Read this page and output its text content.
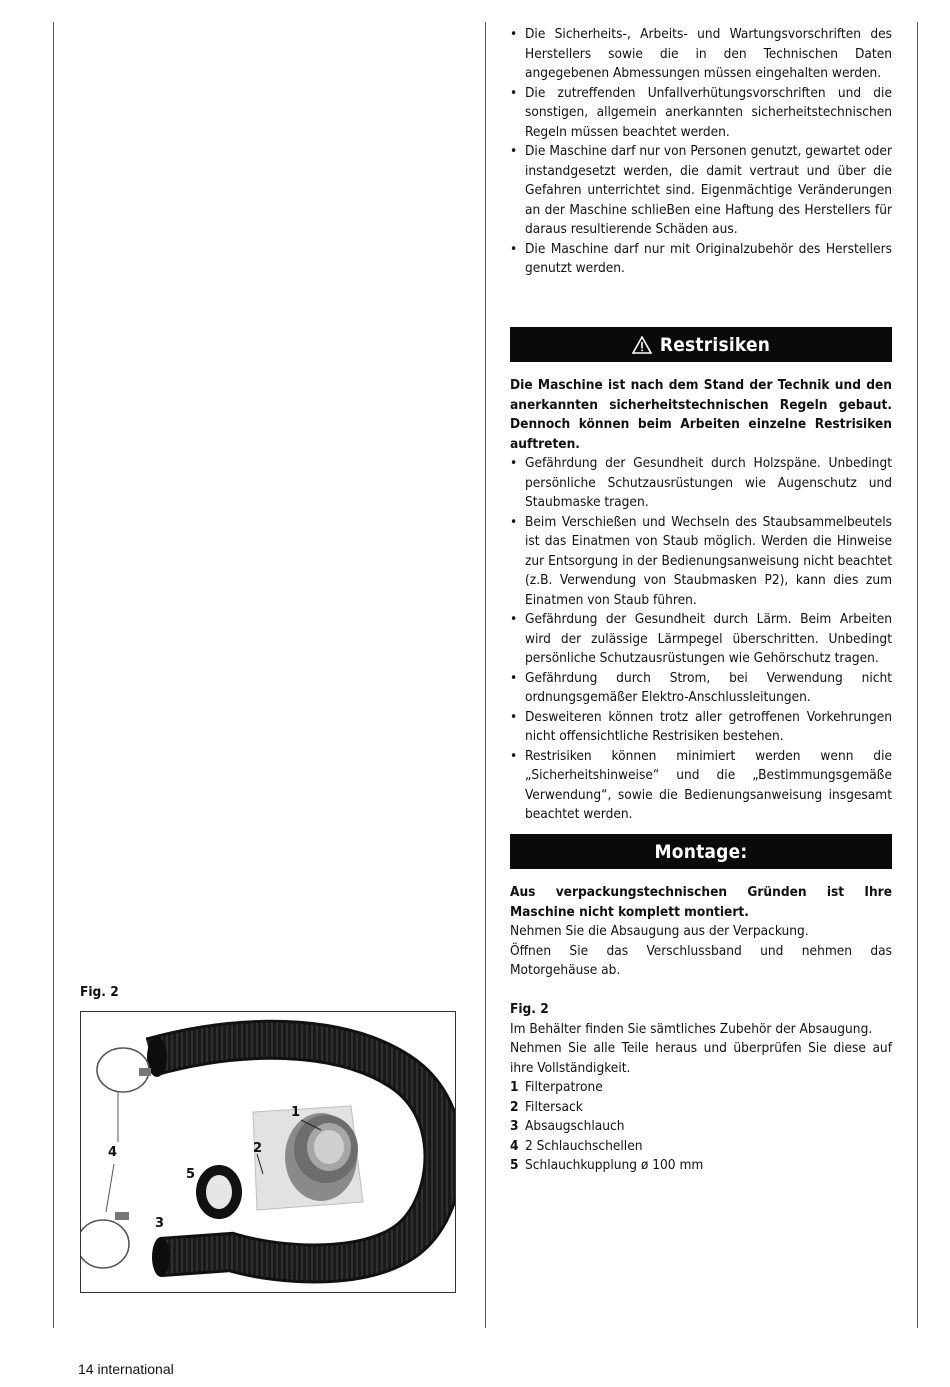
• Die Sicherheits-, Arbeits- und Wartungsvorschriften des Herstellers sowie die in den Technischen Daten angegebenen Abmessungen müssen eingehalten werden.
• Die zutreffenden Unfallverhütungsvorschriften und die sonstigen, allgemein anerkannten sicherheitstechnischen Regeln müssen beachtet werden.
• Die Maschine darf nur von Personen genutzt, gewartet oder instandgesetzt werden, die damit vertraut und über die Gefahren unterrichtet sind. Eigenmächtige Veränderungen an der Maschine schlieBen eine Haftung des Herstellers für daraus resultierende Schäden aus.
• Die Maschine darf nur mit Originalzubehör des Herstellers genutzt werden.
Restrisiken

Die Maschine ist nach dem Stand der Technik und den anerkannten sicherheitstechnischen Regeln gebaut. Dennoch können beim Arbeiten einzelne Restrisiken auftreten.

• Gefährdung der Gesundheit durch Holzspäne. Unbedingt persönliche Schutzausrüstungen wie Augenschutz und Staubmaske tragen.
• Beim Verschießen und Wechseln des Staubsammelbeutels ist das Einatmen von Staub möglich. Werden die Hinweise zur Entsorgung in der Bedienungsanweisung nicht beachtet (z.B. Verwendung von Staubmasken P2), kann dies zum Einatmen von Staub führen.
• Gefährdung der Gesundheit durch Lärm. Beim Arbeiten wird der zulässige Lärmpegel überschritten. Unbedingt persönliche Schutzausrüstungen wie Gehörschutz tragen.
• Gefährdung durch Strom, bei Verwendung nicht ordnungsgemäßer Elektro-Anschlussleitungen.
• Desweiteren können trotz aller getroffenen Vorkehrungen nicht offensichtliche Restrisiken bestehen.
• Restrisiken können minimiert werden wenn die „Sicherheitshinweise“ und die „Bestimmungsgemäße Verwendung“, sowie die Bedienungsanweisung insgesamt beachtet werden.
Montage:

Aus verpackungstechnischen Gründen ist Ihre Maschine nicht komplett montiert.

Nehmen Sie die Absaugung aus der Verpackung.

Öffnen Sie das Verschlussband und nehmen das Motorgehäuse ab.

Fig. 2

Im Behälter finden Sie sämtliches Zubehör der Absaugung.

Nehmen Sie alle Teile heraus und überprüfen Sie diese auf ihre Vollständigkeit.

1 Filterpatrone
2 Filtersack
3 Absaugschlauch
4 2 Schlauchschellen
5 Schlauchkupplung ø 100 mm
Fig. 2
1
2
3
4
5
14 international
